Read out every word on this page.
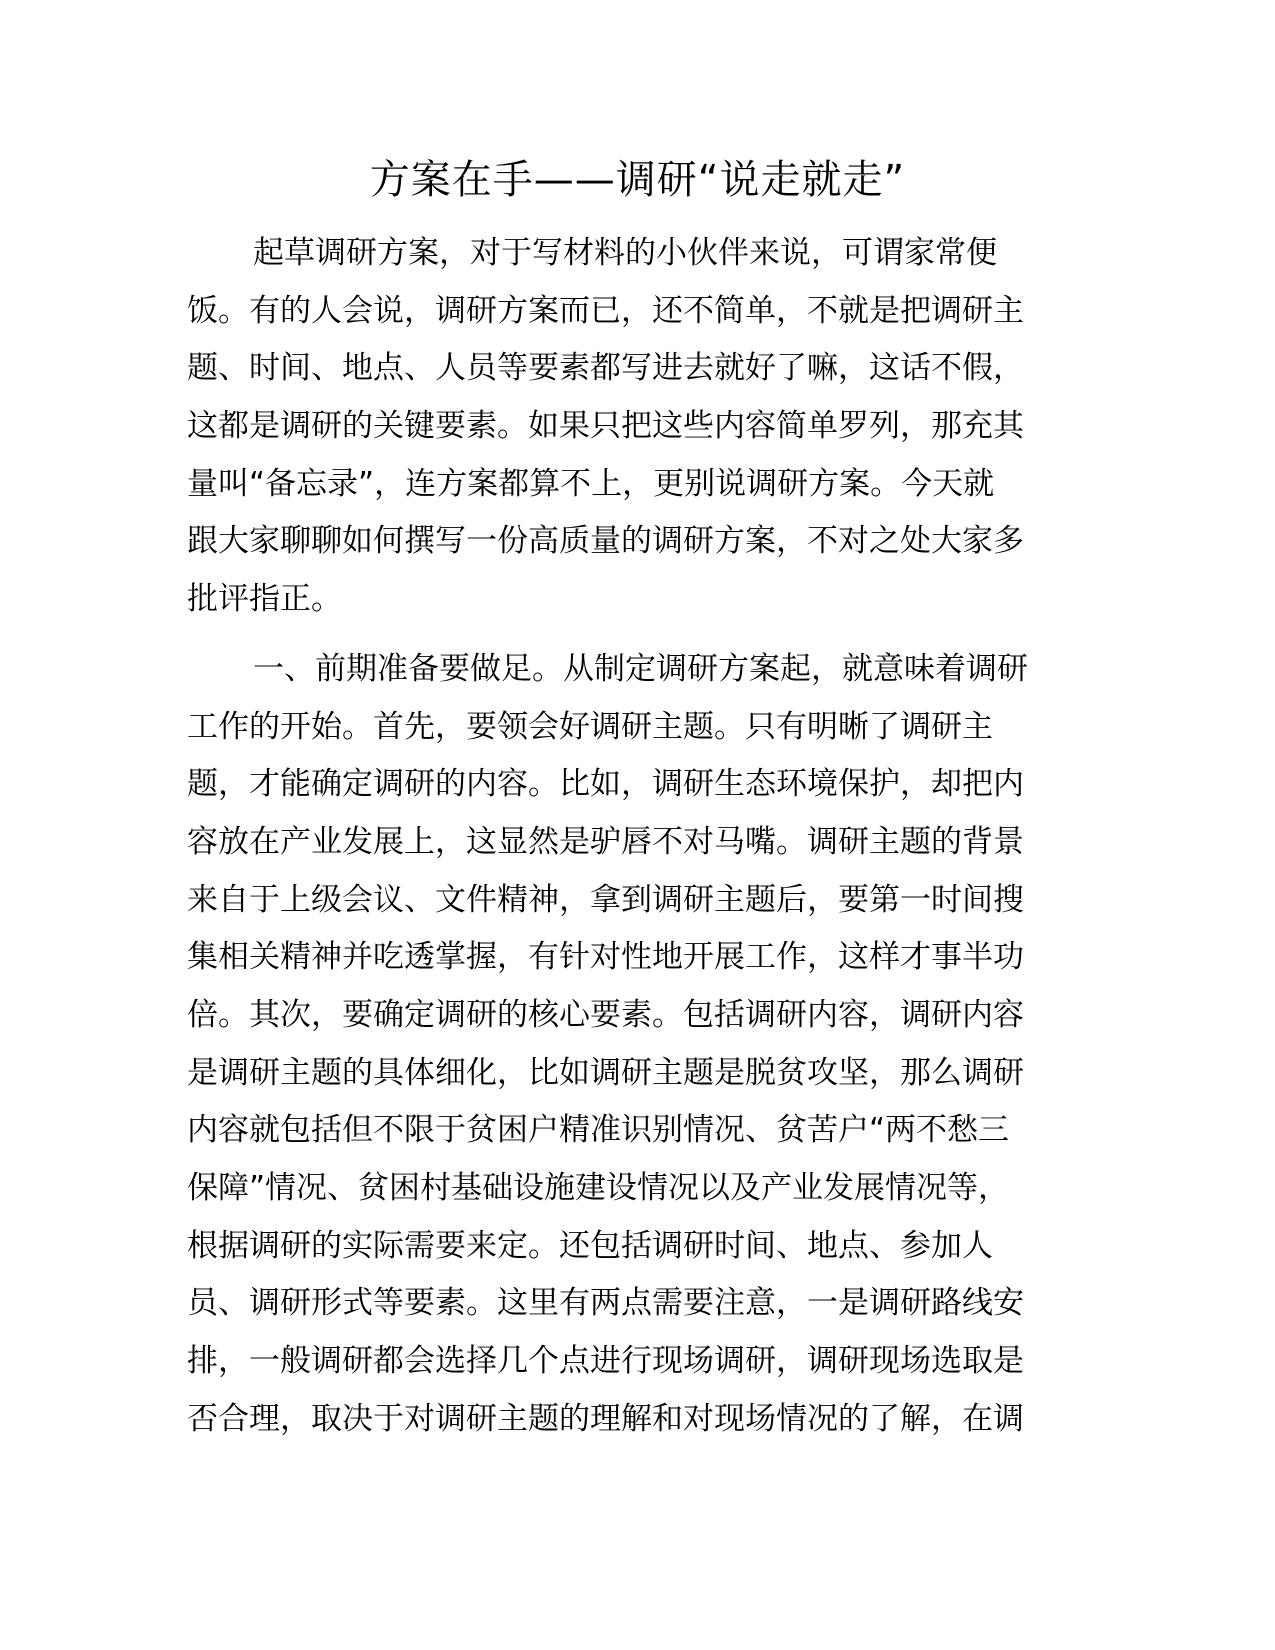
方案在手——调研“说走就走”
起草调研方案，对于写材料的小伙伴来说，可谓家常便
饭。有的人会说，调研方案而已，还不简单，不就是把调研主
题、时间、地点、人员等要素都写进去就好了嘛，这话不假，
这都是调研的关键要素。如果只把这些内容简单罗列，那充其
量叫“备忘录”，连方案都算不上，更别说调研方案。今天就
跟大家聊聊如何撰写一份高质量的调研方案，不对之处大家多
批评指正。
一、前期准备要做足。从制定调研方案起，就意味着调研
工作的开始。首先，要领会好调研主题。只有明晰了调研主
题，才能确定调研的内容。比如，调研生态环境保护，却把内
容放在产业发展上，这显然是驴唇不对马嘴。调研主题的背景
来自于上级会议、文件精神，拿到调研主题后，要第一时间搜
集相关精神并吃透掌握，有针对性地开展工作，这样才事半功
倍。其次，要确定调研的核心要素。包括调研内容，调研内容
是调研主题的具体细化，比如调研主题是脱贫攻坚，那么调研
内容就包括但不限于贫困户精准识别情况、贫苦户“两不愁三
保障”情况、贫困村基础设施建设情况以及产业发展情况等，
根据调研的实际需要来定。还包括调研时间、地点、参加人
员、调研形式等要素。这里有两点需要注意，一是调研路线安
排，一般调研都会选择几个点进行现场调研，调研现场选取是
否合理，取决于对调研主题的理解和对现场情况的了解，在调
